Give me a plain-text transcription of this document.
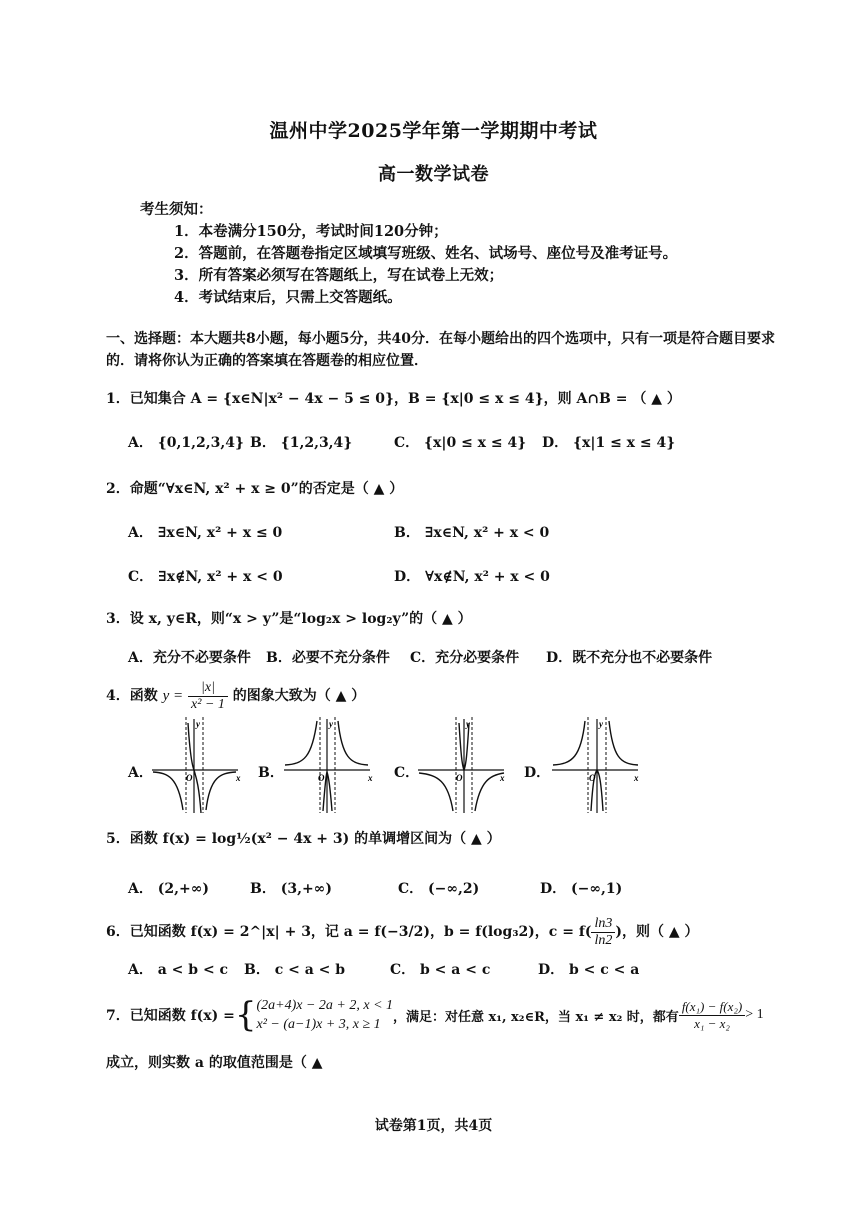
温州中学2025学年第一学期期中考试
高一数学试卷
考生须知：
1．本卷满分150分，考试时间120分钟；
2．答题前，在答题卷指定区域填写班级、姓名、试场号、座位号及准考证号。
3．所有答案必须写在答题纸上，写在试卷上无效；
4．考试结束后，只需上交答题纸。
一、选择题：本大题共8小题，每小题5分，共40分．在每小题给出的四个选项中，只有一项是符合题目要求的．请将你认为正确的答案填在答题卷的相应位置．
1．已知集合 A = {x∈N|x² − 4x − 5 ≤ 0}，B = {x|0 ≤ x ≤ 4}，则 A∩B = （ ▲ ）
A． {0,1,2,3,4} B． {1,2,3,4}	C． {x|0 ≤ x ≤ 4} D． {x|1 ≤ x ≤ 4}
2．命题“∀x∈N, x² + x ≥ 0”的否定是（ ▲ ）
A． ∃x∈N, x² + x ≤ 0	B． ∃x∈N, x² + x < 0
C． ∃x∉N, x² + x < 0	D． ∀x∉N, x² + x < 0
3．设 x, y∈R，则“x > y”是“log₂x > log₂y”的（ ▲ ）
A．充分不必要条件 B．必要不充分条件 C．充分必要条件 D．既不充分也不必要条件
4．函数 $y = \frac{|x|}{\text{x² − 1}}$ 的图象大致为（ ▲ ）
A．	B．	C．	D．
y
x
O
y
x
O
y
x
O
y
x
O
5．函数 f(x) = log½(x² − 4x + 3) 的单调增区间为（ ▲ ）
A． (2,+∞)	B． (3,+∞)	C． (−∞,2)	D． (−∞,1)
6．已知函数 f(x) = 2^|x| + 3，记 a = f(−3/2)，b = f(log₃2)，$c = f( \frac{\ln 3}{\ln 2}$ )，则（ ▲ ）
A． a < b < c B． c < a < b	C． b < a < c	D． b < c < a
7．已知函数 f(x) = { (2a+4)x − 2a + 2, x < 1
x² − (a−1)x + 3, x ≥ 1 ，满足：对任意 x₁, x₂∈R，当 x₁ ≠ x₂ 时，都有 $\frac{\text{f(x₁) − f(x₂)}}{\text{x₁ − x₂}} > 1$
成立，则实数 a 的取值范围是（ ▲
试卷第1页，共4页
